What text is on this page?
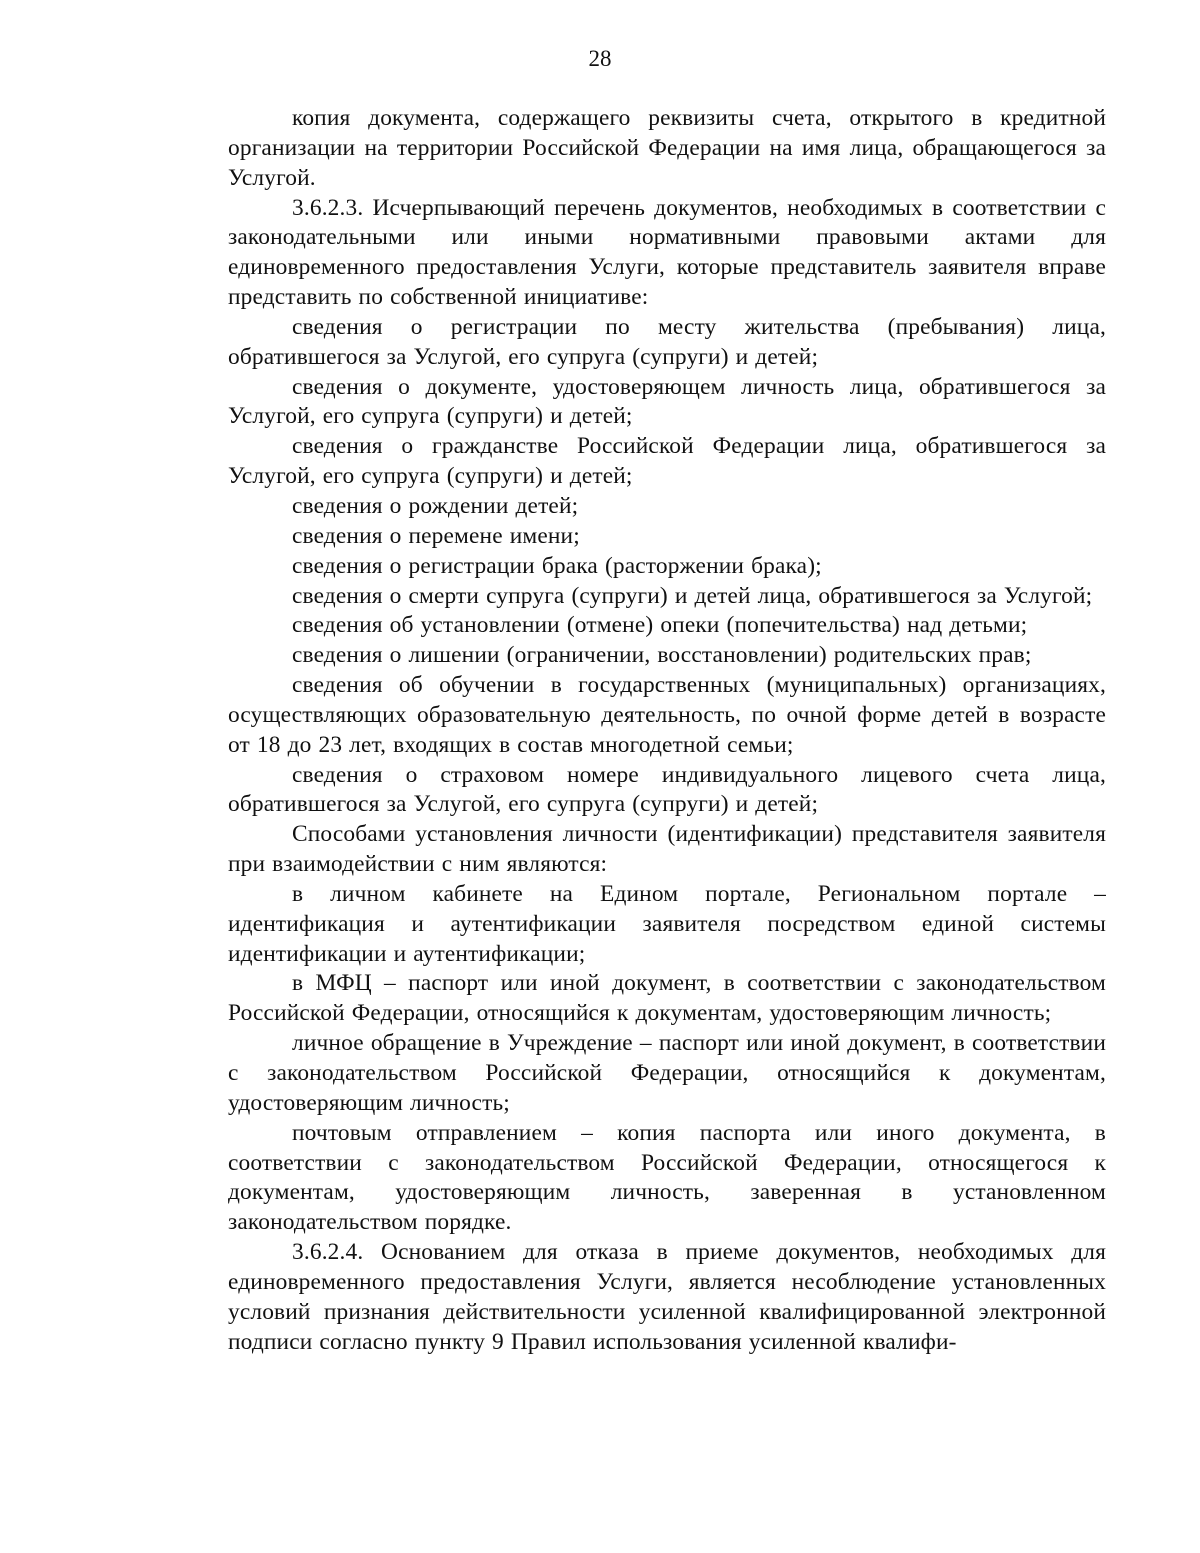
28

копия документа, содержащего реквизиты счета, открытого в кредитной организации на территории Российской Федерации на имя лица, обращающегося за Услугой.

3.6.2.3. Исчерпывающий перечень документов, необходимых в соответствии с законодательными или иными нормативными правовыми актами для единовременного предоставления Услуги, которые представитель заявителя вправе представить по собственной инициативе:

сведения о регистрации по месту жительства (пребывания) лица, обратившегося за Услугой, его супруга (супруги) и детей;

сведения о документе, удостоверяющем личность лица, обратившегося за Услугой, его супруга (супруги) и детей;

сведения о гражданстве Российской Федерации лица, обратившегося за Услугой, его супруга (супруги) и детей;

сведения о рождении детей;

сведения о перемене имени;

сведения о регистрации брака (расторжении брака);

сведения о смерти супруга (супруги) и детей лица, обратившегося за Услугой;

сведения об установлении (отмене) опеки (попечительства) над детьми;

сведения о лишении (ограничении, восстановлении) родительских прав;

сведения об обучении в государственных (муниципальных) организациях, осуществляющих образовательную деятельность, по очной форме детей в возрасте от 18 до 23 лет, входящих в состав многодетной семьи;

сведения о страховом номере индивидуального лицевого счета лица, обратившегося за Услугой, его супруга (супруги) и детей;

Способами установления личности (идентификации) представителя заявителя при взаимодействии с ним являются:

в личном кабинете на Едином портале, Региональном портале – идентификация и аутентификации заявителя посредством единой системы идентификации и аутентификации;

в МФЦ – паспорт или иной документ, в соответствии с законодательством Российской Федерации, относящийся к документам, удостоверяющим личность;

личное обращение в Учреждение – паспорт или иной документ, в соответствии с законодательством Российской Федерации, относящийся к документам, удостоверяющим личность;

почтовым отправлением – копия паспорта или иного документа, в соответствии с законодательством Российской Федерации, относящегося к документам, удостоверяющим личность, заверенная в установленном законодательством порядке.

3.6.2.4. Основанием для отказа в приеме документов, необходимых для единовременного предоставления Услуги, является несоблюдение установленных условий признания действительности усиленной квалифицированной электронной подписи согласно пункту 9 Правил использования усиленной квалифи-
